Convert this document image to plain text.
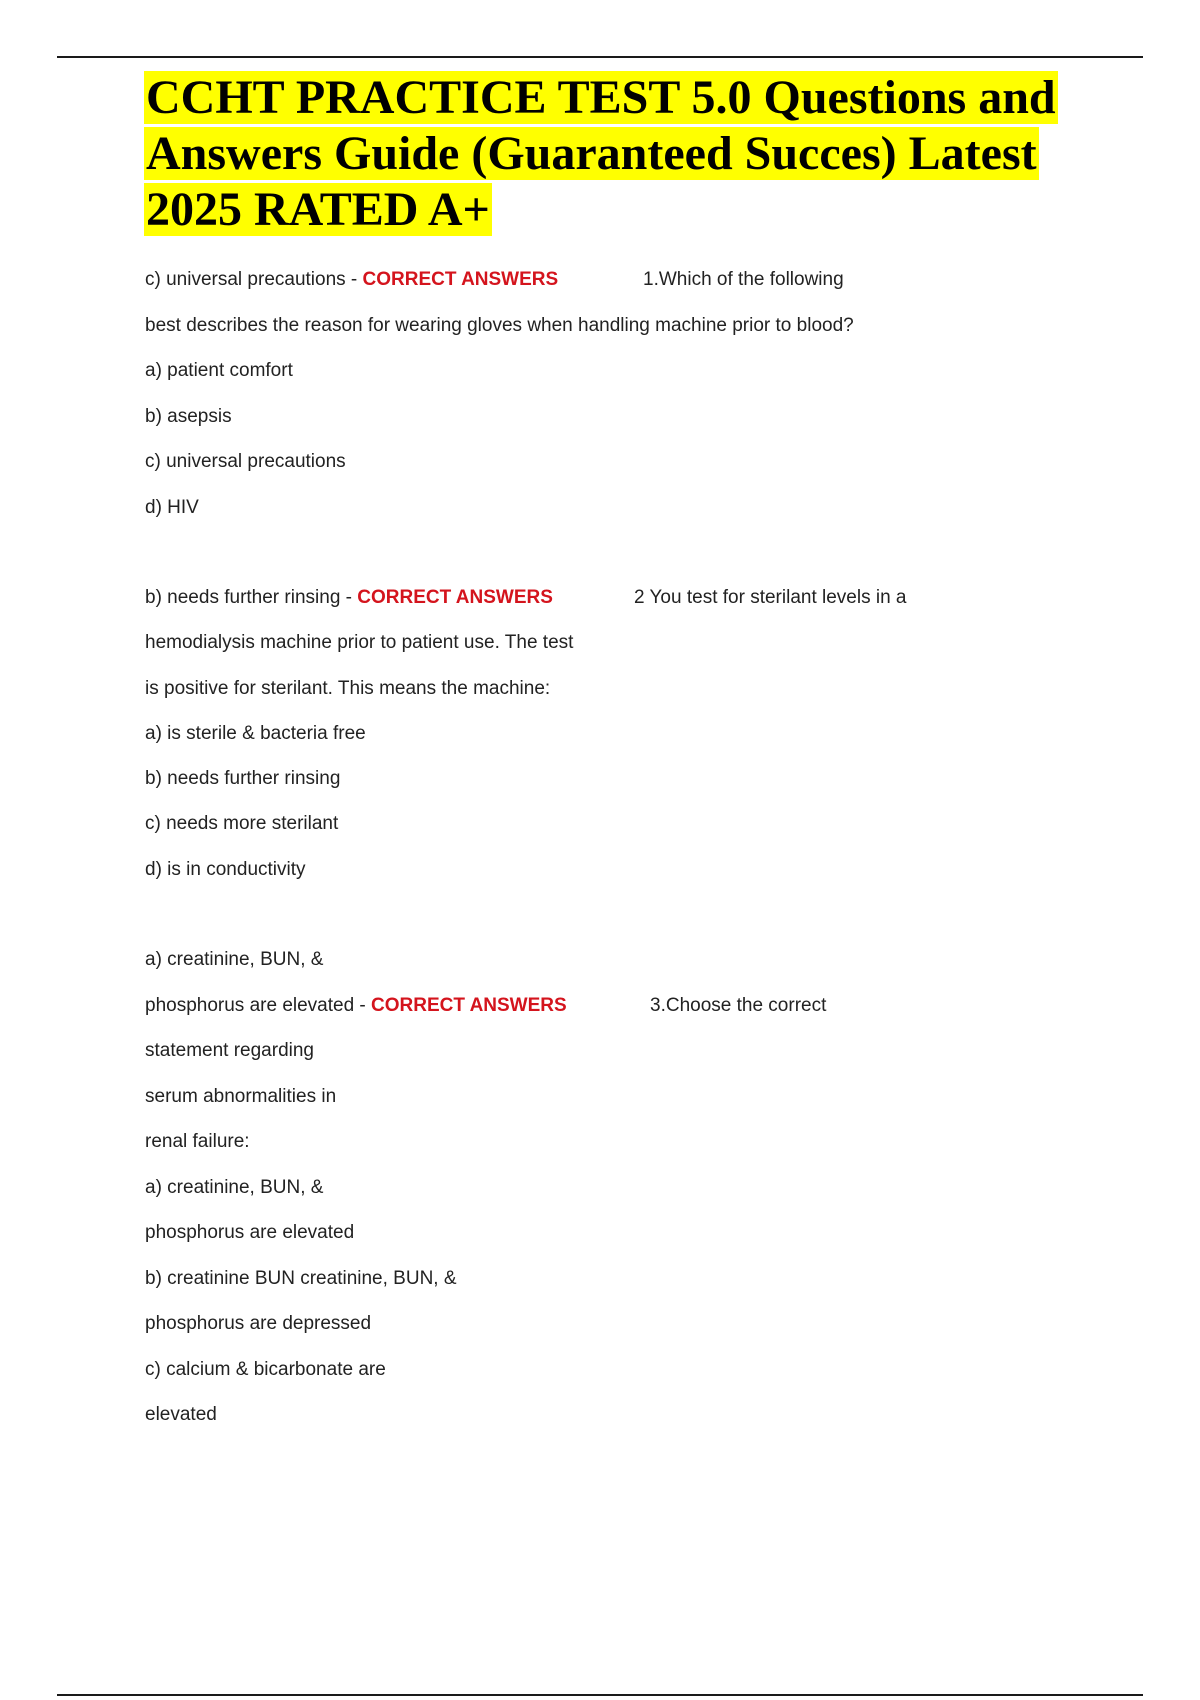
CCHT PRACTICE TEST 5.0 Questions and Answers Guide (Guaranteed Succes) Latest 2025 RATED A+
c) universal precautions - CORRECT ANSWERS	1.Which of the following
best describes the reason for wearing gloves when handling machine prior to blood?
a) patient comfort
b) asepsis
c) universal precautions
d) HIV
b) needs further rinsing - CORRECT ANSWERS	2 You test for sterilant levels in a
hemodialysis machine prior to patient use. The test
is positive for sterilant. This means the machine:
a) is sterile & bacteria free
b) needs further rinsing
c) needs more sterilant
d) is in conductivity
a) creatinine, BUN, &
phosphorus are elevated - CORRECT ANSWERS	3.Choose the correct
statement regarding
serum abnormalities in
renal failure:
a) creatinine, BUN, &
phosphorus are elevated
b) creatinine BUN creatinine, BUN, &
phosphorus are depressed
c) calcium & bicarbonate are
elevated
